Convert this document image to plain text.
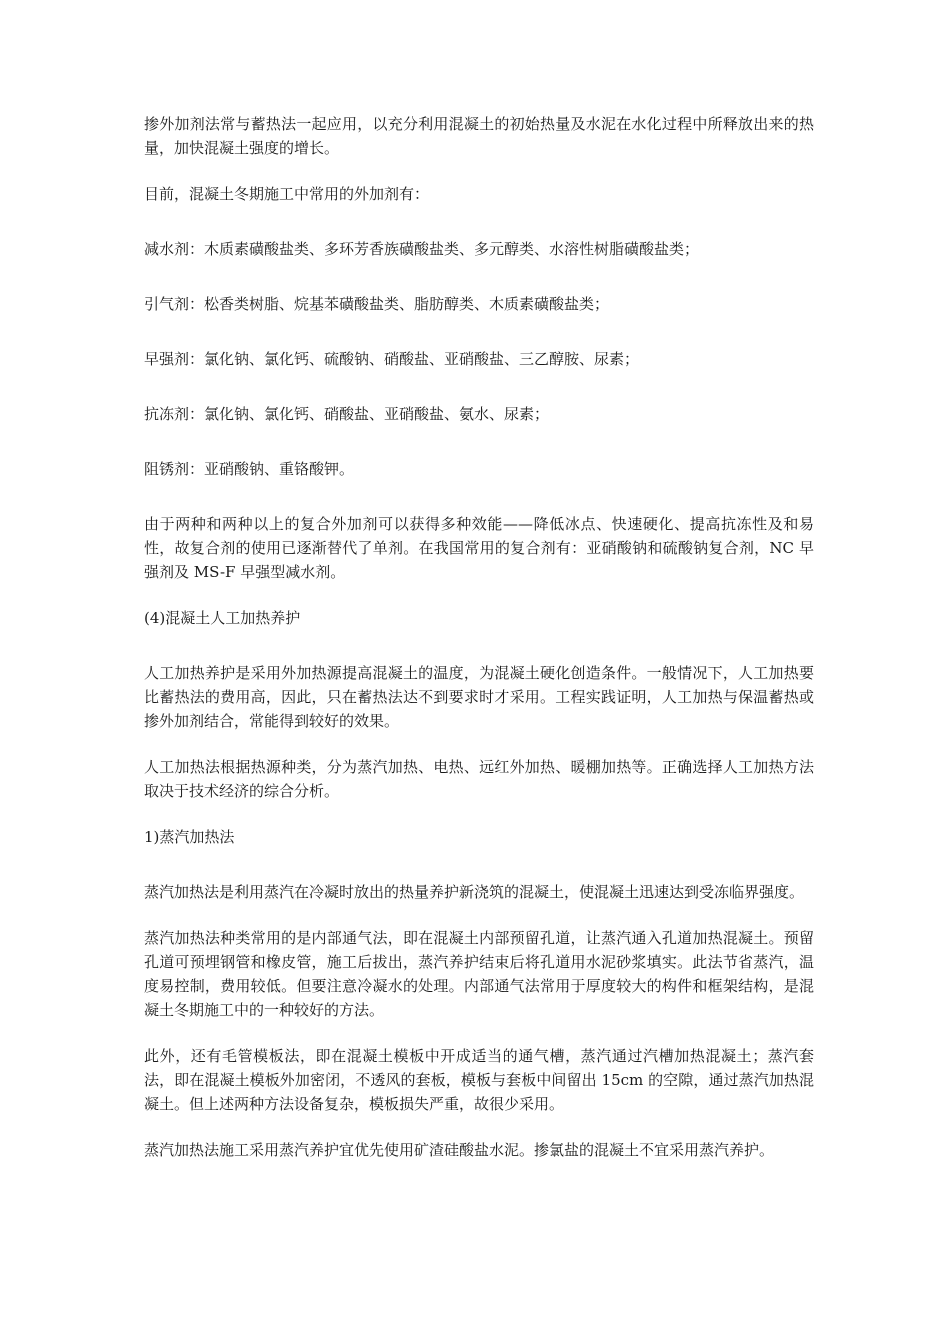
掺外加剂法常与蓄热法一起应用，以充分利用混凝土的初始热量及水泥在水化过程中所释放出来的热量，加快混凝土强度的增长。

目前，混凝土冬期施工中常用的外加剂有：

减水剂：木质素磺酸盐类、多环芳香族磺酸盐类、多元醇类、水溶性树脂磺酸盐类；

引气剂：松香类树脂、烷基苯磺酸盐类、脂肪醇类、木质素磺酸盐类；

早强剂：氯化钠、氯化钙、硫酸钠、硝酸盐、亚硝酸盐、三乙醇胺、尿素；

抗冻剂：氯化钠、氯化钙、硝酸盐、亚硝酸盐、氨水、尿素；

阻锈剂：亚硝酸钠、重铬酸钾。

由于两种和两种以上的复合外加剂可以获得多种效能——降低冰点、快速硬化、提高抗冻性及和易性，故复合剂的使用已逐渐替代了单剂。在我国常用的复合剂有：亚硝酸钠和硫酸钠复合剂，NC 早强剂及 MS-F 早强型减水剂。

(4)混凝土人工加热养护

人工加热养护是采用外加热源提高混凝土的温度，为混凝土硬化创造条件。一般情况下，人工加热要比蓄热法的费用高，因此，只在蓄热法达不到要求时才采用。工程实践证明，人工加热与保温蓄热或掺外加剂结合，常能得到较好的效果。

人工加热法根据热源种类，分为蒸汽加热、电热、远红外加热、暖棚加热等。正确选择人工加热方法取决于技术经济的综合分析。

1)蒸汽加热法

蒸汽加热法是利用蒸汽在冷凝时放出的热量养护新浇筑的混凝土，使混凝土迅速达到受冻临界强度。

蒸汽加热法种类常用的是内部通气法，即在混凝土内部预留孔道，让蒸汽通入孔道加热混凝土。预留孔道可预埋钢管和橡皮管，施工后拔出，蒸汽养护结束后将孔道用水泥砂浆填实。此法节省蒸汽，温度易控制，费用较低。但要注意冷凝水的处理。内部通气法常用于厚度较大的构件和框架结构，是混凝土冬期施工中的一种较好的方法。

此外，还有毛管模板法，即在混凝土模板中开成适当的通气槽，蒸汽通过汽槽加热混凝土；蒸汽套法，即在混凝土模板外加密闭，不透风的套板，模板与套板中间留出 15cm 的空隙，通过蒸汽加热混凝土。但上述两种方法设备复杂，模板损失严重，故很少采用。

蒸汽加热法施工采用蒸汽养护宜优先使用矿渣硅酸盐水泥。掺氯盐的混凝土不宜采用蒸汽养护。
